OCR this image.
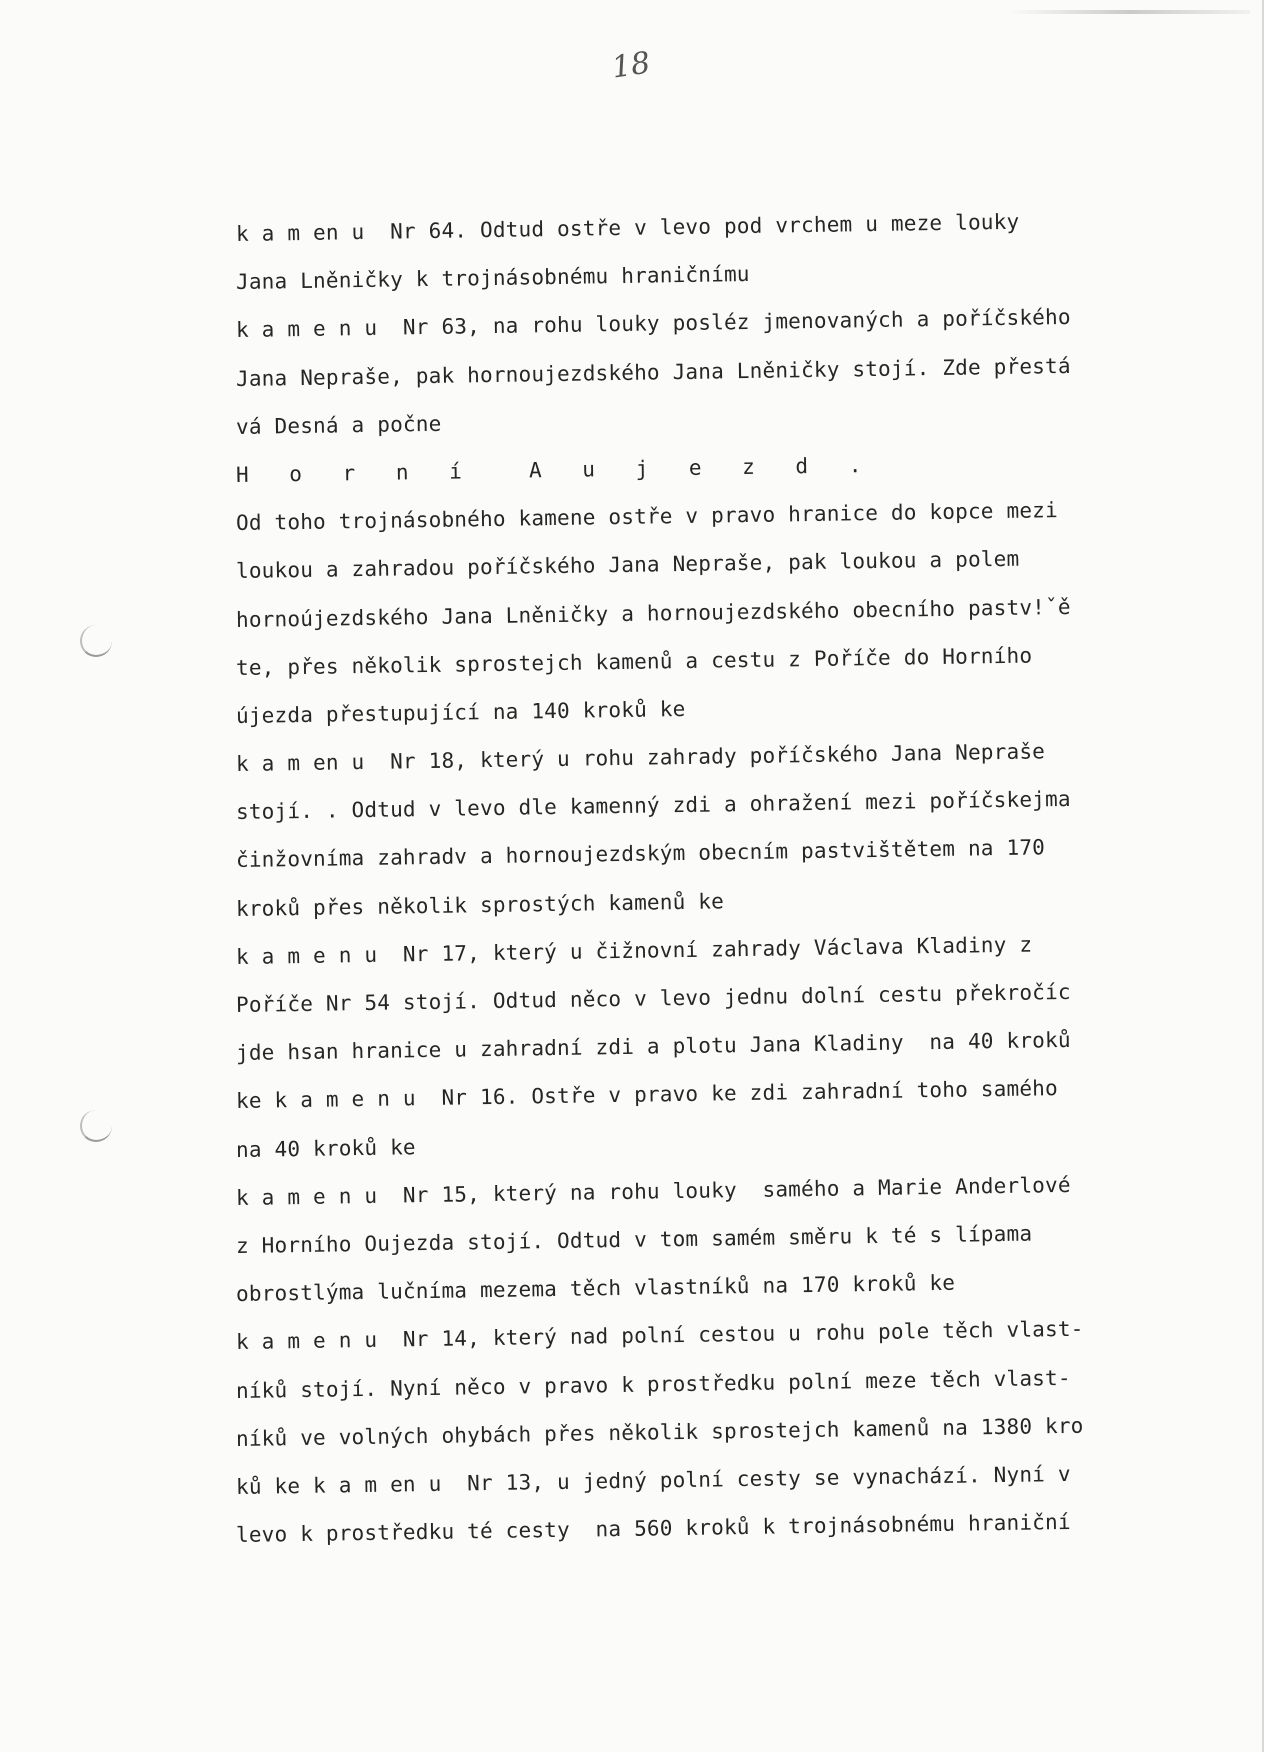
18
k a m en u  Nr 64. Odtud ostře v levo pod vrchem u meze louky
Jana Lněničky k trojnásobnému hraničnímu
k a m e n u  Nr 63, na rohu louky posléz jmenovaných a poříčského
Jana Nepraše, pak hornoujezdského Jana Lněničky stojí. Zde přestá
vá Desná a počne
H o r n í  A u j e z d .
Od toho trojnásobného kamene ostře v pravo hranice do kopce mezi
loukou a zahradou poříčského Jana Nepraše, pak loukou a polem
hornoújezdského Jana Lněničky a hornoujezdského obecního pastv!ˇě
te, přes několik sprostejch kamenů a cestu z Poříče do Horního
újezda přestupující na 140 kroků ke
k a m en u  Nr 18, který u rohu zahrady poříčského Jana Nepraše
stojí. . Odtud v levo dle kamenný zdi a ohražení mezi poříčskejma
činžovníma zahradv a hornoujezdským obecním pastvištětem na 170
kroků přes několik sprostých kamenů ke
k a m e n u  Nr 17, který u čižnovní zahrady Václava Kladiny z
Poříče Nr 54 stojí. Odtud něco v levo jednu dolní cestu překročíc
jde hsan hranice u zahradní zdi a plotu Jana Kladiny  na 40 kroků
ke k a m e n u  Nr 16. Ostře v pravo ke zdi zahradní toho samého
na 40 kroků ke
k a m e n u  Nr 15, který na rohu louky  samého a Marie Anderlové
z Horního Oujezda stojí. Odtud v tom samém směru k té s lípama
obrostlýma lučníma mezema těch vlastníků na 170 kroků ke
k a m e n u  Nr 14, který nad polní cestou u rohu pole těch vlast-
níků stojí. Nyní něco v pravo k prostředku polní meze těch vlast-
níků ve volných ohybách přes několik sprostejch kamenů na 1380 kro
ků ke k a m en u  Nr 13, u jedný polní cesty se vynachází. Nyní v
levo k prostředku té cesty  na 560 kroků k trojnásobnému hraniční
